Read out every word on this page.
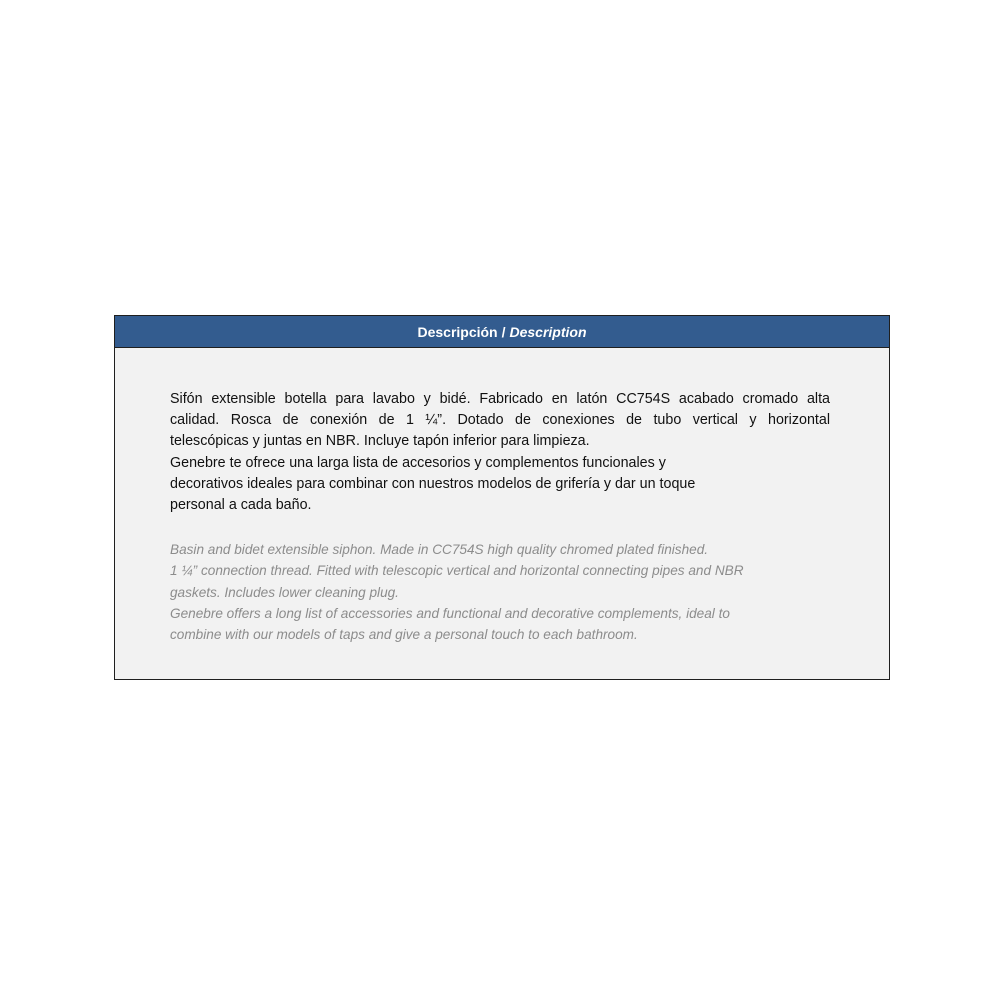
Descripción / Description
Sifón extensible botella para lavabo y bidé. Fabricado en latón CC754S acabado cromado alta
calidad. Rosca de conexión de 1 ¼”. Dotado de conexiones de tubo vertical y horizontal
telescópicas y juntas en NBR. Incluye tapón inferior para limpieza.
Genebre te ofrece una larga lista de accesorios y complementos funcionales y
decorativos ideales para combinar con nuestros modelos de grifería y dar un toque
personal a cada baño.
Basin and bidet extensible siphon. Made in CC754S high quality chromed plated finished.
1 ¼” connection thread. Fitted with telescopic vertical and horizontal connecting pipes and NBR
gaskets. Includes lower cleaning plug.
Genebre offers a long list of accessories and functional and decorative complements, ideal to
combine with our models of taps and give a personal touch to each bathroom.
